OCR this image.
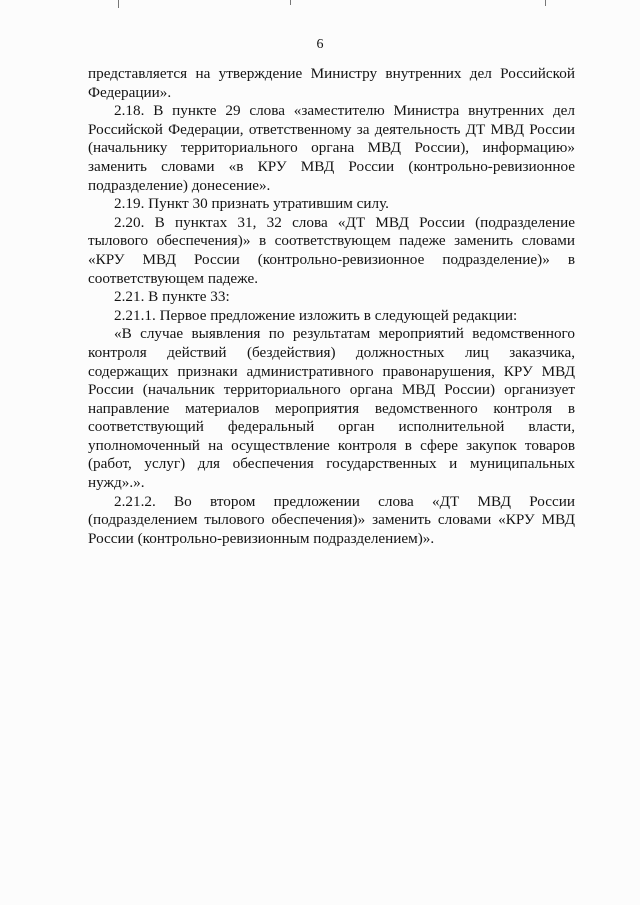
6

представляется на утверждение Министру внутренних дел Российской Федерации».

2.18. В пункте 29 слова «заместителю Министра внутренних дел Российской Федерации, ответственному за деятельность ДТ МВД России (начальнику территориального органа МВД России), информацию» заменить словами «в КРУ МВД России (контрольно-ревизионное подразделение) донесение».

2.19. Пункт 30 признать утратившим силу.

2.20. В пунктах 31, 32 слова «ДТ МВД России (подразделение тылового обеспечения)» в соответствующем падеже заменить словами «КРУ МВД России (контрольно-ревизионное подразделение)» в соответствующем падеже.

2.21. В пункте 33:

2.21.1. Первое предложение изложить в следующей редакции:

«В случае выявления по результатам мероприятий ведомственного контроля действий (бездействия) должностных лиц заказчика, содержащих признаки административного правонарушения, КРУ МВД России (начальник территориального органа МВД России) организует направление материалов мероприятия ведомственного контроля в соответствующий федеральный орган исполнительной власти, уполномоченный на осуществление контроля в сфере закупок товаров (работ, услуг) для обеспечения государственных и муниципальных нужд».».

2.21.2. Во втором предложении слова «ДТ МВД России (подразделением тылового обеспечения)» заменить словами «КРУ МВД России (контрольно-ревизионным подразделением)».
